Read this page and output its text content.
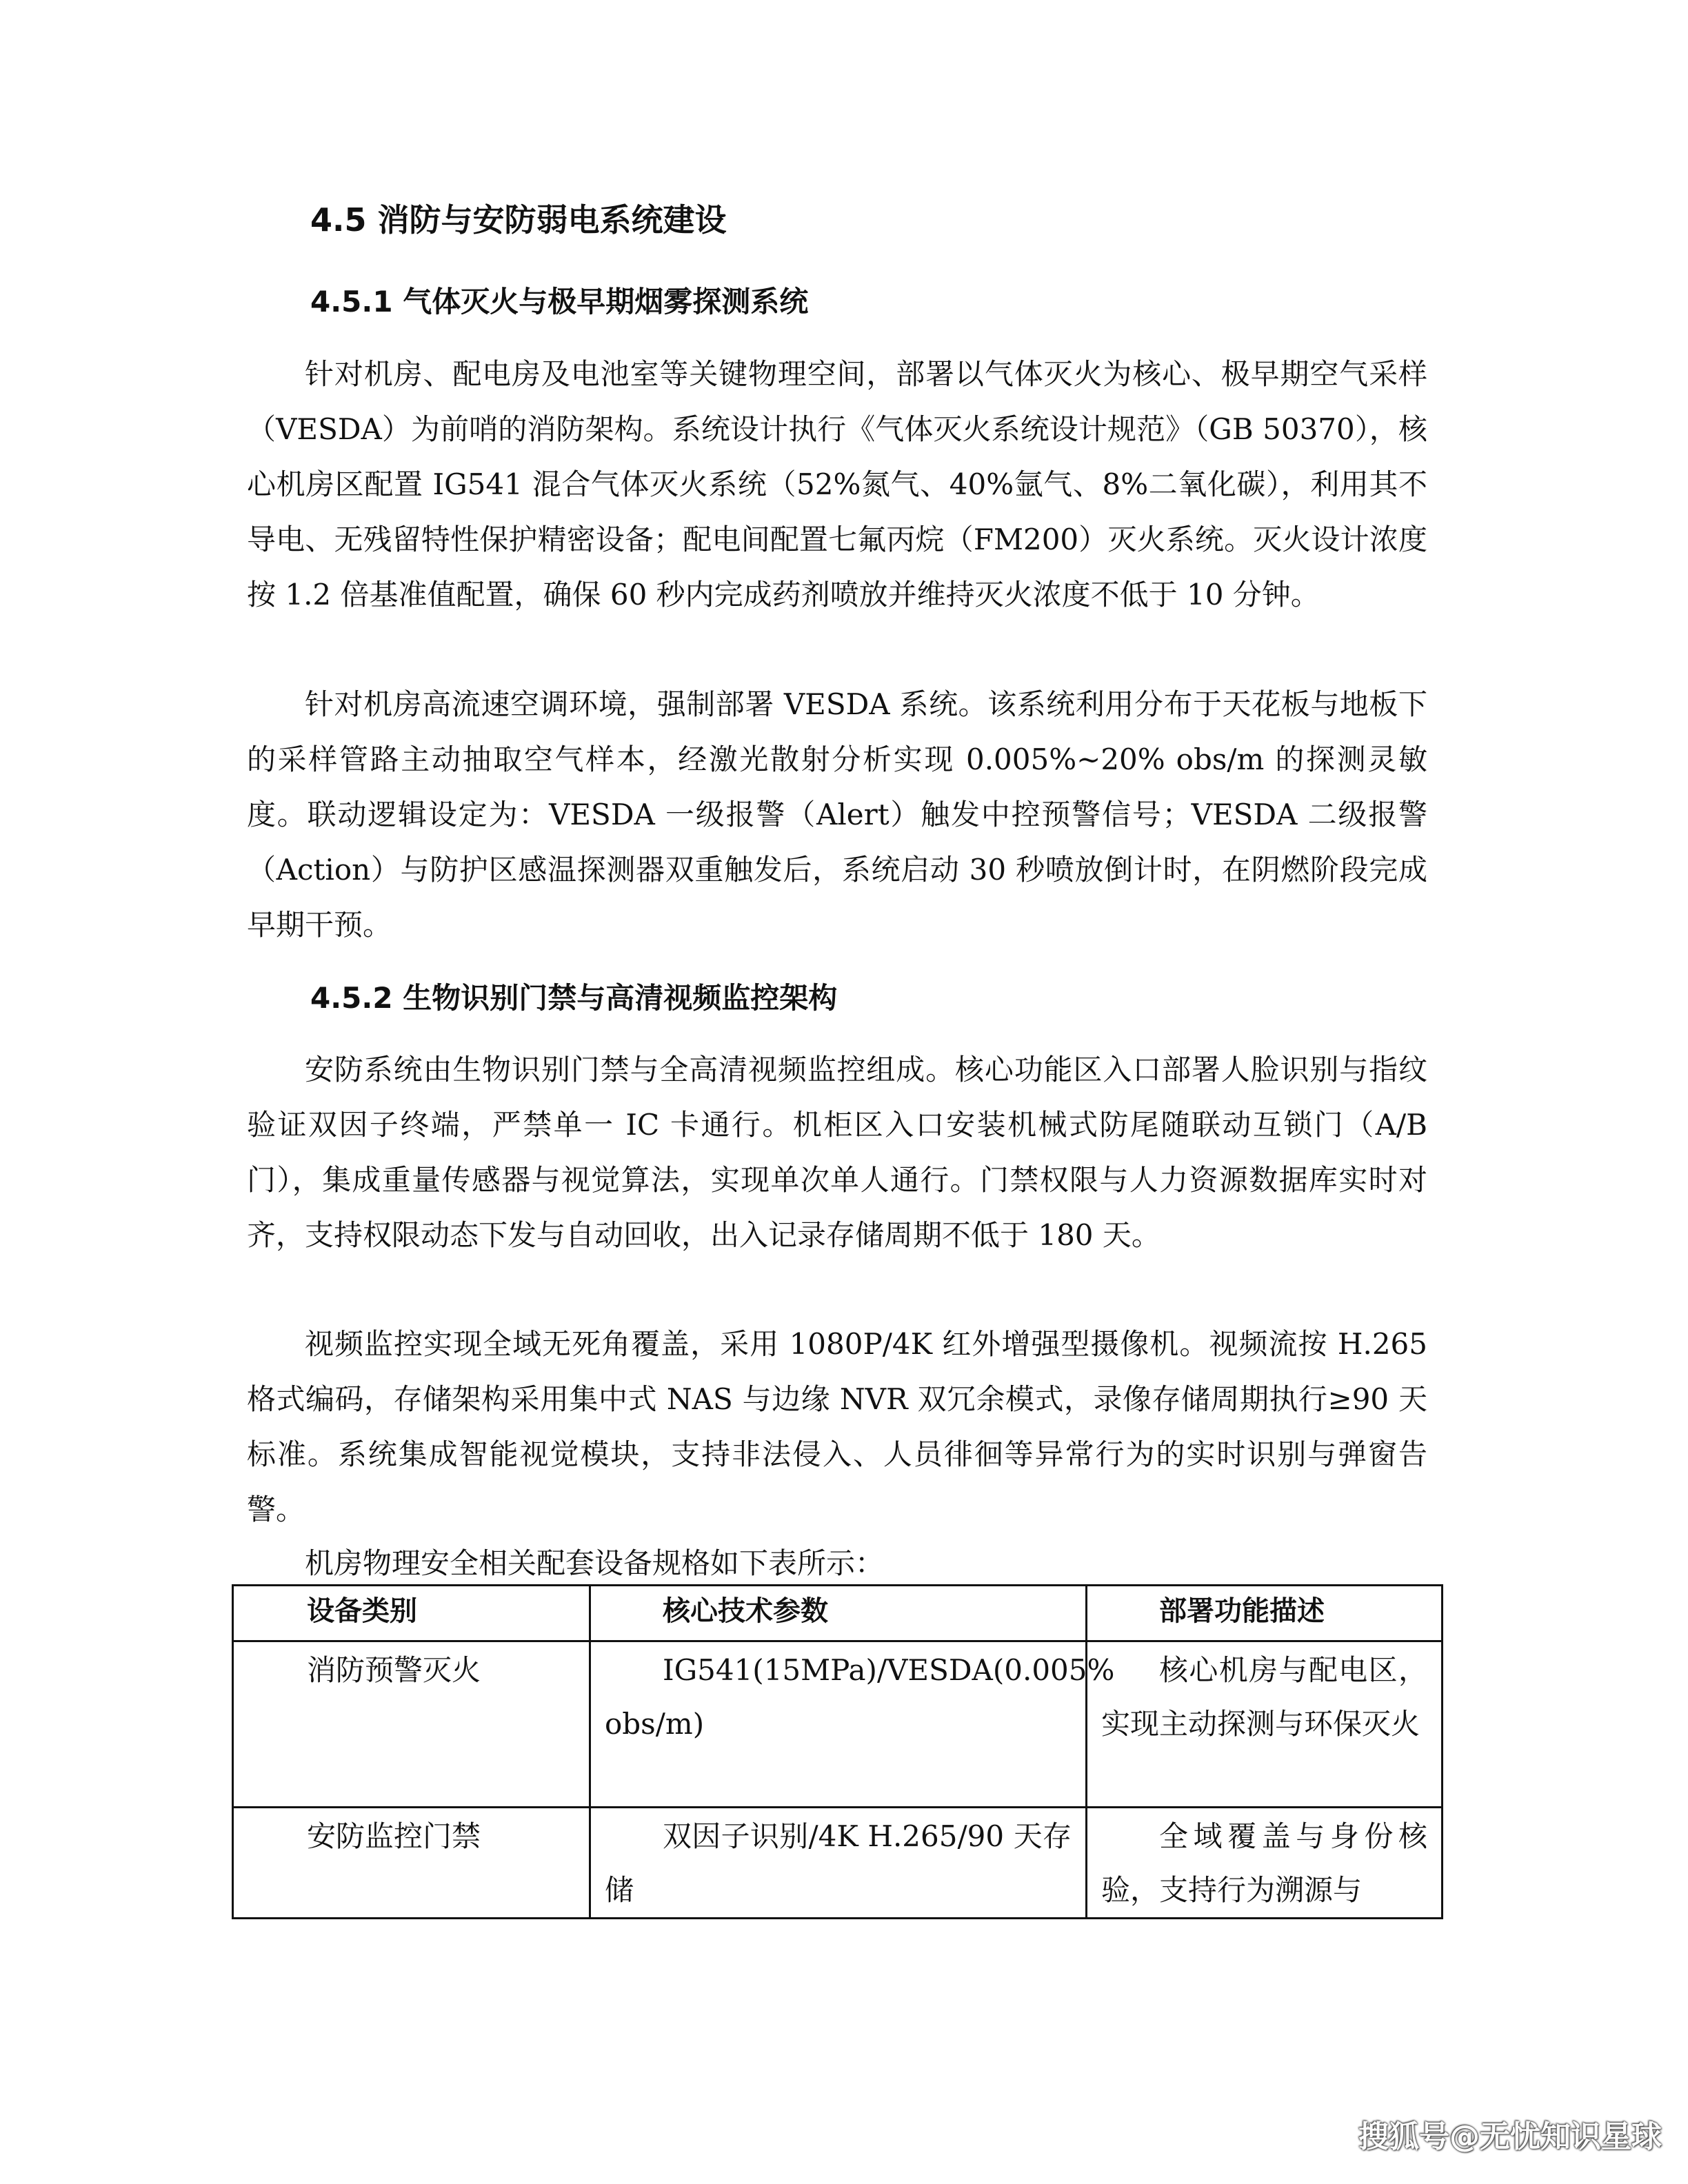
4.5 消防与安防弱电系统建设
4.5.1 气体灭火与极早期烟雾探测系统

针对机房、配电房及电池室等关键物理空间，部署以气体灭火为核心、极早期空气采样（VESDA）为前哨的消防架构。系统设计执行《气体灭火系统设计规范》（GB 50370），核心机房区配置 IG541 混合气体灭火系统（52%氮气、40%氩气、8%二氧化碳），利用其不导电、无残留特性保护精密设备；配电间配置七氟丙烷（FM200）灭火系统。灭火设计浓度按 1.2 倍基准值配置，确保 60 秒内完成药剂喷放并维持灭火浓度不低于 10 分钟。

针对机房高流速空调环境，强制部署 VESDA 系统。该系统利用分布于天花板与地板下的采样管路主动抽取空气样本，经激光散射分析实现 0.005%~20% obs/m 的探测灵敏度。联动逻辑设定为：VESDA 一级报警（Alert）触发中控预警信号；VESDA 二级报警（Action）与防护区感温探测器双重触发后，系统启动 30 秒喷放倒计时，在阴燃阶段完成早期干预。

4.5.2 生物识别门禁与高清视频监控架构

安防系统由生物识别门禁与全高清视频监控组成。核心功能区入口部署人脸识别与指纹验证双因子终端，严禁单一 IC 卡通行。机柜区入口安装机械式防尾随联动互锁门（A/B 门），集成重量传感器与视觉算法，实现单次单人通行。门禁权限与人力资源数据库实时对齐，支持权限动态下发与自动回收，出入记录存储周期不低于 180 天。

视频监控实现全域无死角覆盖，采用 1080P/4K 红外增强型摄像机。视频流按 H.265 格式编码，存储架构采用集中式 NAS 与边缘 NVR 双冗余模式，录像存储周期执行≥90 天标准。系统集成智能视觉模块，支持非法侵入、人员徘徊等异常行为的实时识别与弹窗告警。

机房物理安全相关配套设备规格如下表所示：

设备类别	核心技术参数	部署功能描述
消防预警灭火	IG541(15MPa)/VESDA(0.005% obs/m)	核心机房与配电区，实现主动探测与环保灭火
安防监控门禁	双因子识别/4K H.265/90 天存储	全域覆盖与身份核验，支持行为溯源与
搜狐号@无忧知识星球
